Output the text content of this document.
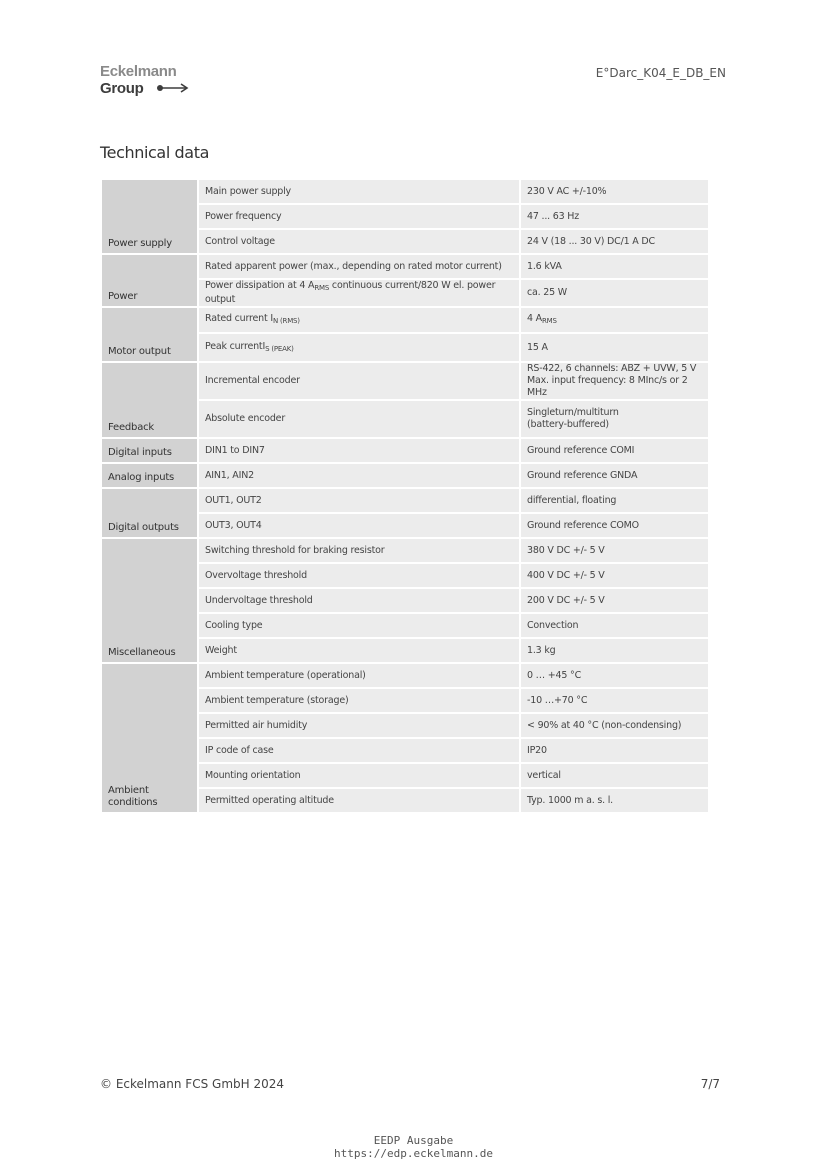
Eckelmann
Group
E°Darc_K04_E_DB_EN
Technical data
Power supply	Main power supply	230 V AC +/-10%
	Power frequency	47 ... 63 Hz
	Control voltage	24 V (18 ... 30 V) DC/1 A DC
Power	Rated apparent power (max., depending on rated motor current)	1.6 kVA
	Power dissipation at 4 $A_{RMS}$ continuous current/820 W el. power output	ca. 25 W
Motor output	Rated current $I_{N (RMS)}$	4 $A_{RMS}$
	Peak currentI$_{S (PEAK)}$	15 A
Feedback	Incremental encoder	RS-422, 6 channels: ABZ + UVW, 5 V
Max. input frequency: 8 MInc/s or 2 MHz
	Absolute encoder	Singleturn/multiturn
(battery-buffered)
Digital inputs	DIN1 to DIN7	Ground reference COMI
Analog inputs	AIN1, AIN2	Ground reference GNDA
Digital outputs	OUT1, OUT2	differential, floating
	OUT3, OUT4	Ground reference COMO
Miscellaneous	Switching threshold for braking resistor	380 V DC +/- 5 V
	Overvoltage threshold	400 V DC +/- 5 V
	Undervoltage threshold	200 V DC +/- 5 V
	Cooling type	Convection
	Weight	1.3 kg
Ambient conditions	Ambient temperature (operational)	0 … +45 °C
	Ambient temperature (storage)	-10 …+70 °C
	Permitted air humidity	< 90% at 40 °C (non-condensing)
	IP code of case	IP20
	Mounting orientation	vertical
	Permitted operating altitude	Typ. 1000 m a. s. l.
© Eckelmann FCS GmbH 2024	7/7
EEDP Ausgabe
https://edp.eckelmann.de
